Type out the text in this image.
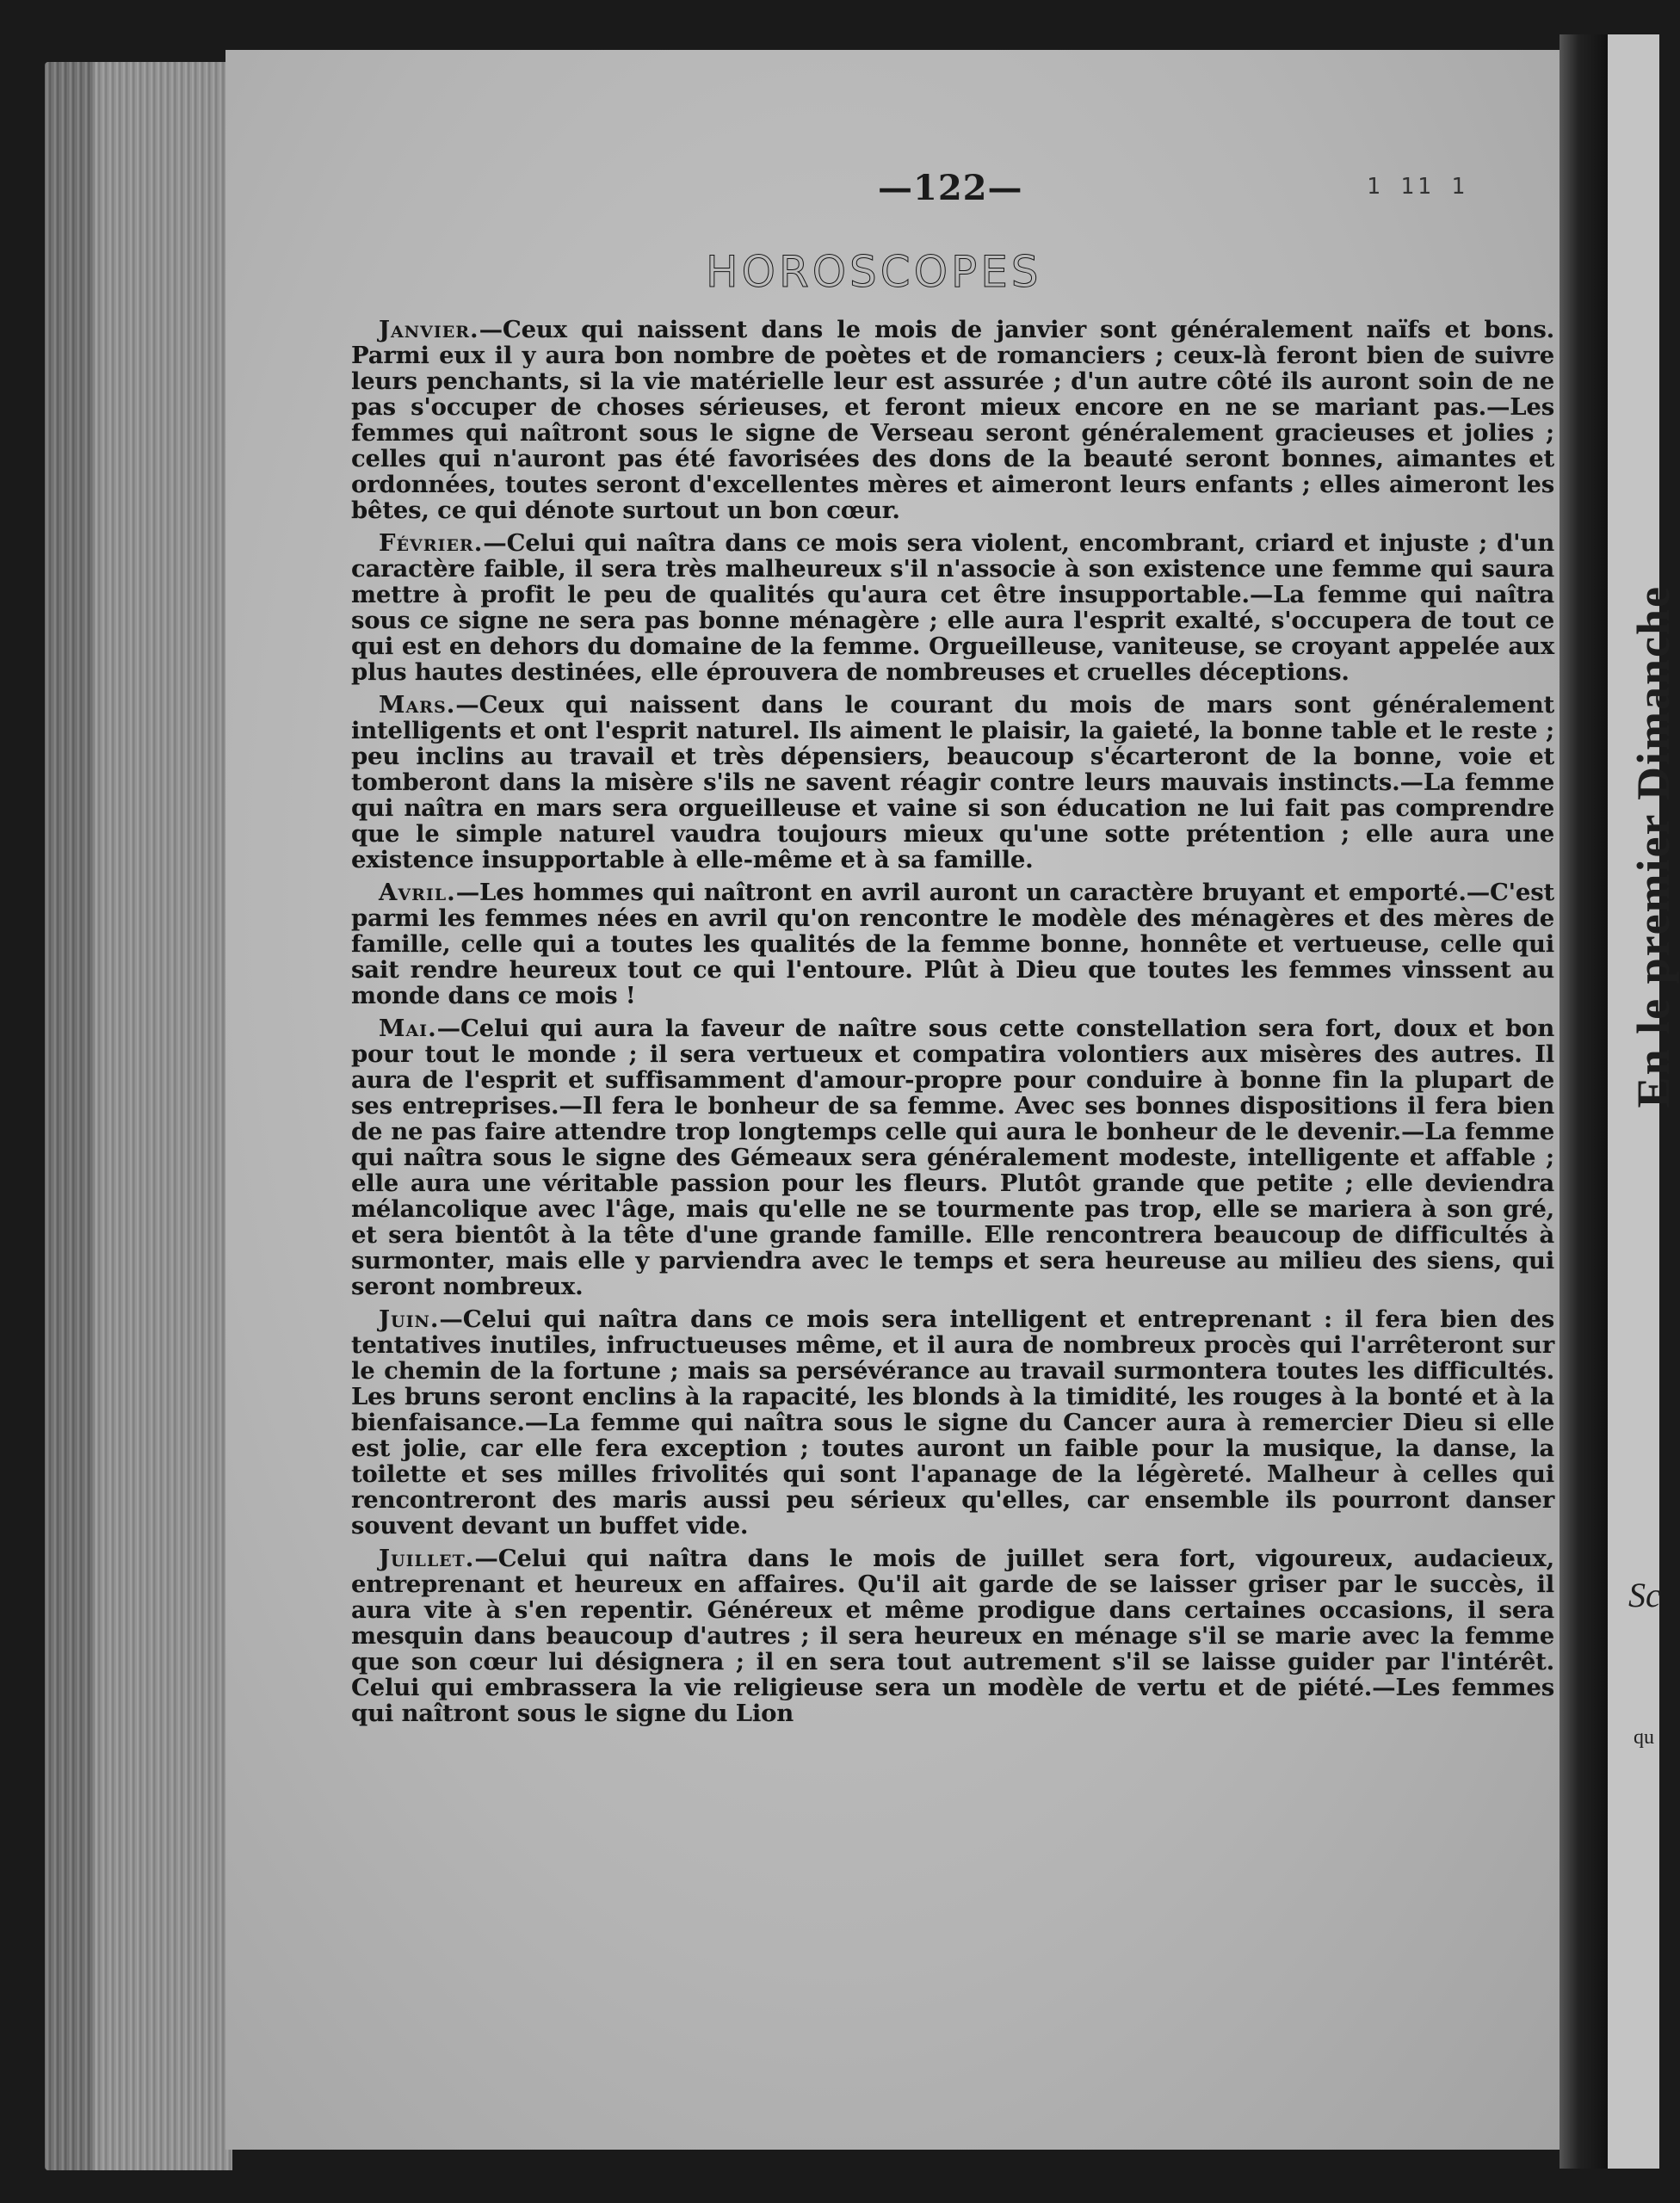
En le premier Dimanche
Sc
qu
—122—	1 11 1
HOROSCOPES

Janvier.—Ceux qui naissent dans le mois de janvier sont généralement naïfs et bons. Parmi eux il y aura bon nombre de poètes et de romanciers ; ceux-là feront bien de suivre leurs penchants, si la vie matérielle leur est assurée ; d'un autre côté ils auront soin de ne pas s'occuper de choses sérieuses, et feront mieux encore en ne se mariant pas.—Les femmes qui naîtront sous le signe de Verseau seront généralement gracieuses et jolies ; celles qui n'auront pas été favorisées des dons de la beauté seront bonnes, aimantes et ordonnées, toutes seront d'excellentes mères et aimeront leurs enfants ; elles aimeront les bêtes, ce qui dénote surtout un bon cœur.

Février.—Celui qui naîtra dans ce mois sera violent, encombrant, criard et injuste ; d'un caractère faible, il sera très malheureux s'il n'associe à son existence une femme qui saura mettre à profit le peu de qualités qu'aura cet être insupportable.—La femme qui naîtra sous ce signe ne sera pas bonne ménagère ; elle aura l'esprit exalté, s'occupera de tout ce qui est en dehors du domaine de la femme. Orgueilleuse, vaniteuse, se croyant appelée aux plus hautes destinées, elle éprouvera de nombreuses et cruelles déceptions.

Mars.—Ceux qui naissent dans le courant du mois de mars sont généralement intelligents et ont l'esprit naturel. Ils aiment le plaisir, la gaieté, la bonne table et le reste ; peu inclins au travail et très dépensiers, beaucoup s'écarteront de la bonne, voie et tomberont dans la misère s'ils ne savent réagir contre leurs mauvais instincts.—La femme qui naîtra en mars sera orgueilleuse et vaine si son éducation ne lui fait pas comprendre que le simple naturel vaudra toujours mieux qu'une sotte prétention ; elle aura une existence insupportable à elle-même et à sa famille.

Avril.—Les hommes qui naîtront en avril auront un caractère bruyant et emporté.—C'est parmi les femmes nées en avril qu'on rencontre le modèle des ménagères et des mères de famille, celle qui a toutes les qualités de la femme bonne, honnête et vertueuse, celle qui sait rendre heureux tout ce qui l'entoure. Plût à Dieu que toutes les femmes vinssent au monde dans ce mois !

Mai.—Celui qui aura la faveur de naître sous cette constellation sera fort, doux et bon pour tout le monde ; il sera vertueux et compatira volontiers aux misères des autres. Il aura de l'esprit et suffisamment d'amour-propre pour conduire à bonne fin la plupart de ses entreprises.—Il fera le bonheur de sa femme. Avec ses bonnes dispositions il fera bien de ne pas faire attendre trop longtemps celle qui aura le bonheur de le devenir.—La femme qui naîtra sous le signe des Gémeaux sera généralement modeste, intelligente et affable ; elle aura une véritable passion pour les fleurs. Plutôt grande que petite ; elle deviendra mélancolique avec l'âge, mais qu'elle ne se tourmente pas trop, elle se mariera à son gré, et sera bientôt à la tête d'une grande famille. Elle rencontrera beaucoup de difficultés à surmonter, mais elle y parviendra avec le temps et sera heureuse au milieu des siens, qui seront nombreux.

Juin.—Celui qui naîtra dans ce mois sera intelligent et entreprenant : il fera bien des tentatives inutiles, infructueuses même, et il aura de nombreux procès qui l'arrêteront sur le chemin de la fortune ; mais sa persévérance au travail surmontera toutes les difficultés. Les bruns seront enclins à la rapacité, les blonds à la timidité, les rouges à la bonté et à la bienfaisance.—La femme qui naîtra sous le signe du Cancer aura à remercier Dieu si elle est jolie, car elle fera exception ; toutes auront un faible pour la musique, la danse, la toilette et ses milles frivolités qui sont l'apanage de la légèreté. Malheur à celles qui rencontreront des maris aussi peu sérieux qu'elles, car ensemble ils pourront danser souvent devant un buffet vide.

Juillet.—Celui qui naîtra dans le mois de juillet sera fort, vigoureux, audacieux, entreprenant et heureux en affaires. Qu'il ait garde de se laisser griser par le succès, il aura vite à s'en repentir. Généreux et même prodigue dans certaines occasions, il sera mesquin dans beaucoup d'autres ; il sera heureux en ménage s'il se marie avec la femme que son cœur lui désignera ; il en sera tout autrement s'il se laisse guider par l'intérêt. Celui qui embrassera la vie religieuse sera un modèle de vertu et de piété.—Les femmes qui naîtront sous le signe du Lion
